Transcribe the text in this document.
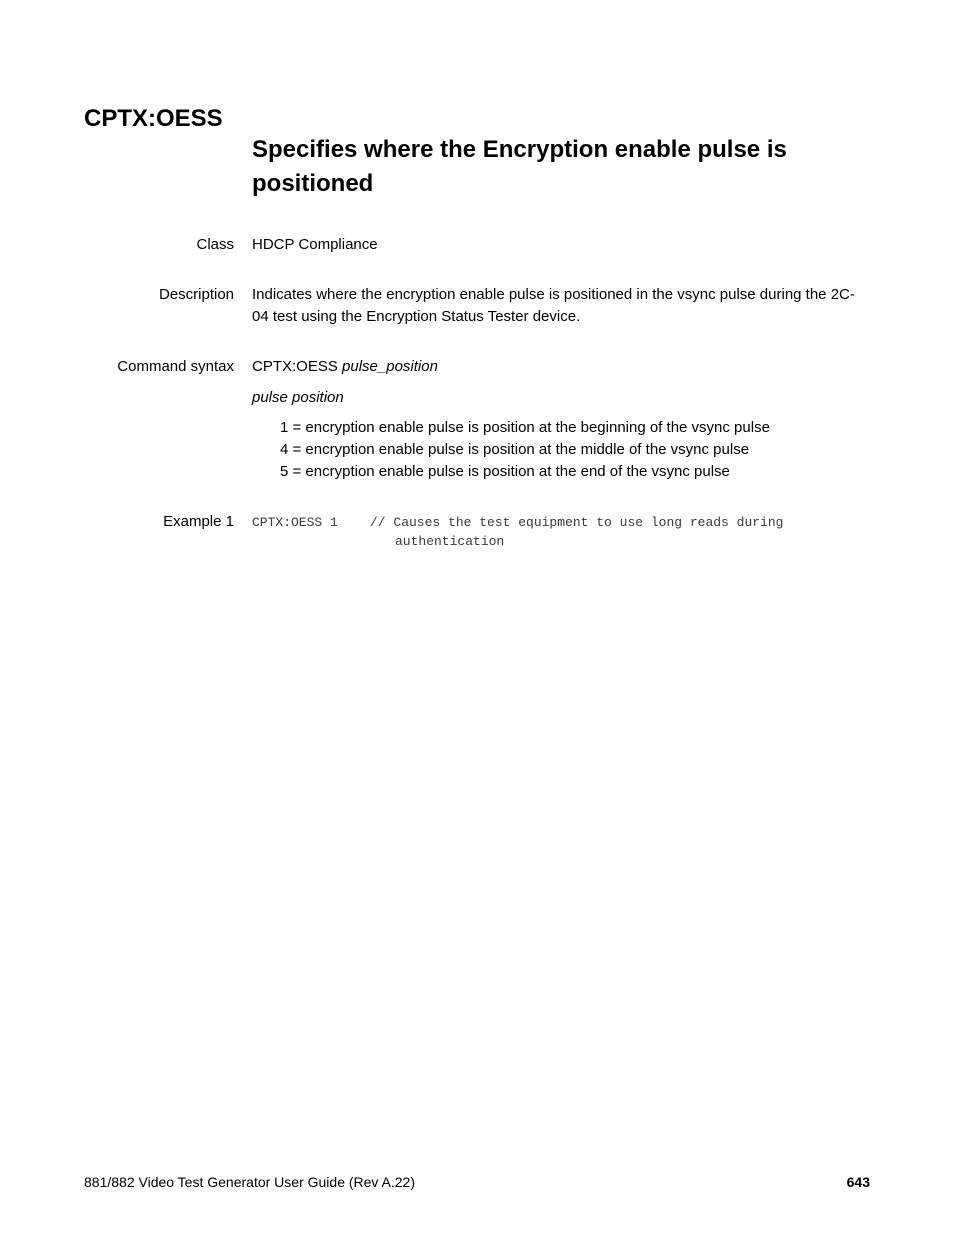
CPTX:OESS
Specifies where the Encryption enable pulse is positioned
Class HDCP Compliance
Description Indicates where the encryption enable pulse is positioned in the vsync pulse during the 2C-04 test using the Encryption Status Tester device.
Command syntax CPTX:OESS pulse_position
pulse position
1 = encryption enable pulse is position at the beginning of the vsync pulse
4 = encryption enable pulse is position at the middle of the vsync pulse
5 = encryption enable pulse is position at the end of the vsync pulse
Example 1 CPTX:OESS 1 // Causes the test equipment to use long reads during
authentication
881/882 Video Test Generator User Guide (Rev A.22)	643
